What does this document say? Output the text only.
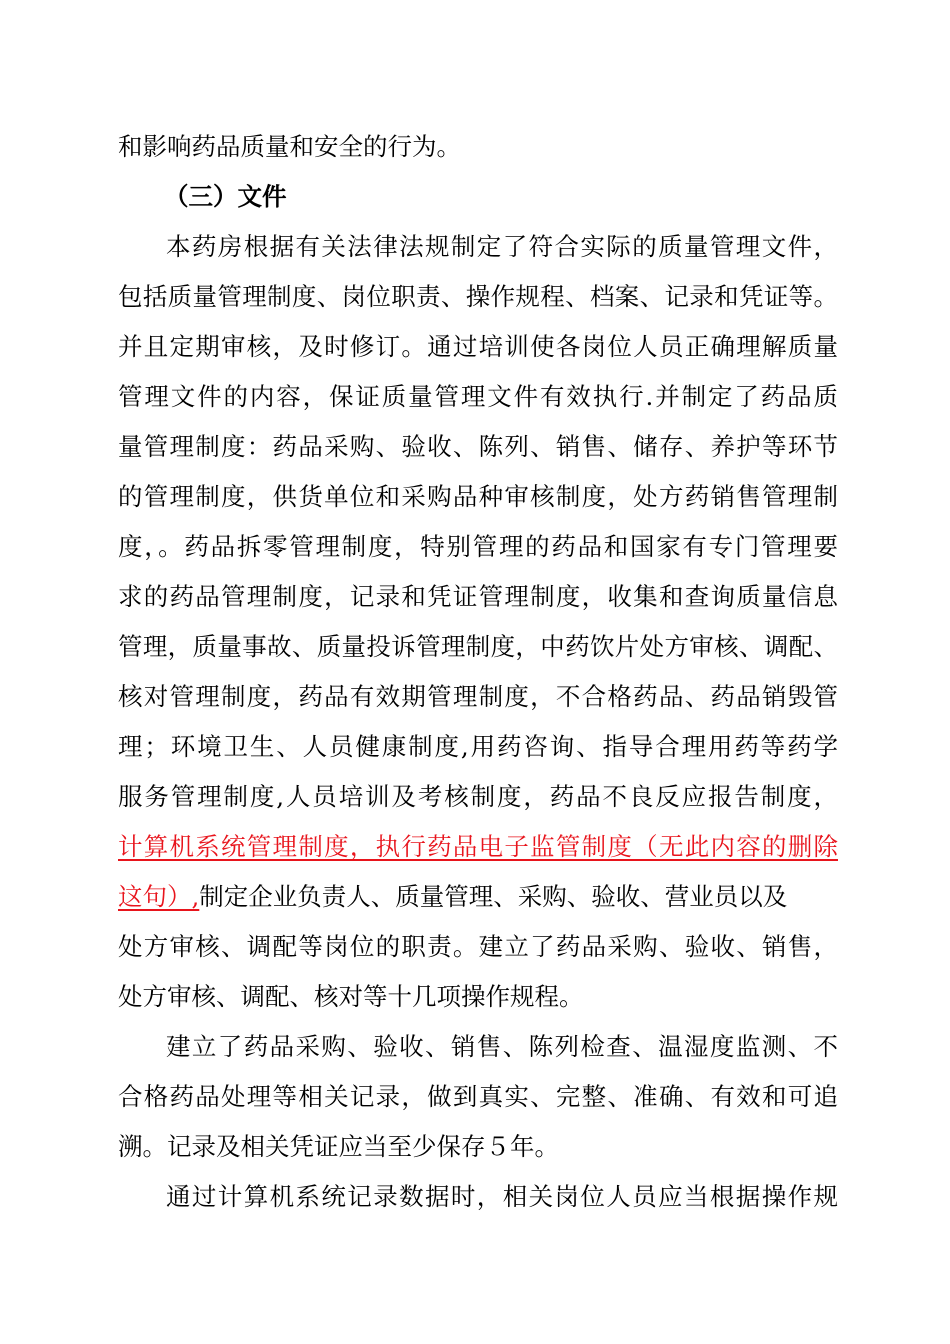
和影响药品质量和安全的行为。
（三）文件
本药房根据有关法律法规制定了符合实际的质量管理文件，
包括质量管理制度、岗位职责、操作规程、档案、记录和凭证等。
并且定期审核，及时修订。通过培训使各岗位人员正确理解质量
管理文件的内容，保证质量管理文件有效执行.并制定了药品质
量管理制度：药品采购、验收、陈列、销售、储存、养护等环节
的管理制度，供货单位和采购品种审核制度，处方药销售管理制
度，。药品拆零管理制度，特别管理的药品和国家有专门管理要
求的药品管理制度，记录和凭证管理制度，收集和查询质量信息
管理，质量事故、质量投诉管理制度，中药饮片处方审核、调配、
核对管理制度，药品有效期管理制度，不合格药品、药品销毁管
理；环境卫生、人员健康制度,用药咨询、指导合理用药等药学
服务管理制度,人员培训及考核制度，药品不良反应报告制度，
计算机系统管理制度，执行药品电子监管制度（无此内容的删除
这句）,制定企业负责人、质量管理、采购、验收、营业员以及
处方审核、调配等岗位的职责。建立了药品采购、验收、销售，
处方审核、调配、核对等十几项操作规程。
建立了药品采购、验收、销售、陈列检查、温湿度监测、不
合格药品处理等相关记录，做到真实、完整、准确、有效和可追
溯。记录及相关凭证应当至少保存５年。
通过计算机系统记录数据时，相关岗位人员应当根据操作规
